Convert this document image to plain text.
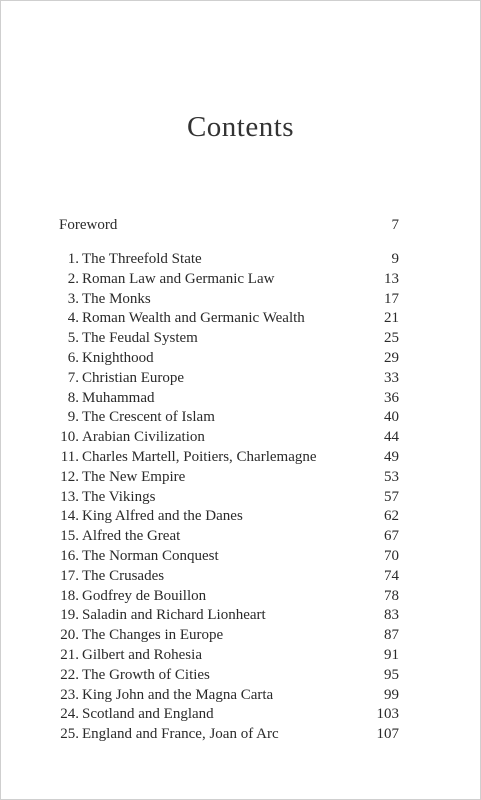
Contents
Foreword	7
1. The Threefold State	9
2. Roman Law and Germanic Law	13
3. The Monks	17
4. Roman Wealth and Germanic Wealth	21
5. The Feudal System	25
6. Knighthood	29
7. Christian Europe	33
8. Muhammad	36
9. The Crescent of Islam	40
10. Arabian Civilization	44
11. Charles Martell, Poitiers, Charlemagne	49
12. The New Empire	53
13. The Vikings	57
14. King Alfred and the Danes	62
15. Alfred the Great	67
16. The Norman Conquest	70
17. The Crusades	74
18. Godfrey de Bouillon	78
19. Saladin and Richard Lionheart	83
20. The Changes in Europe	87
21. Gilbert and Rohesia	91
22. The Growth of Cities	95
23. King John and the Magna Carta	99
24. Scotland and England	103
25. England and France, Joan of Arc	107
